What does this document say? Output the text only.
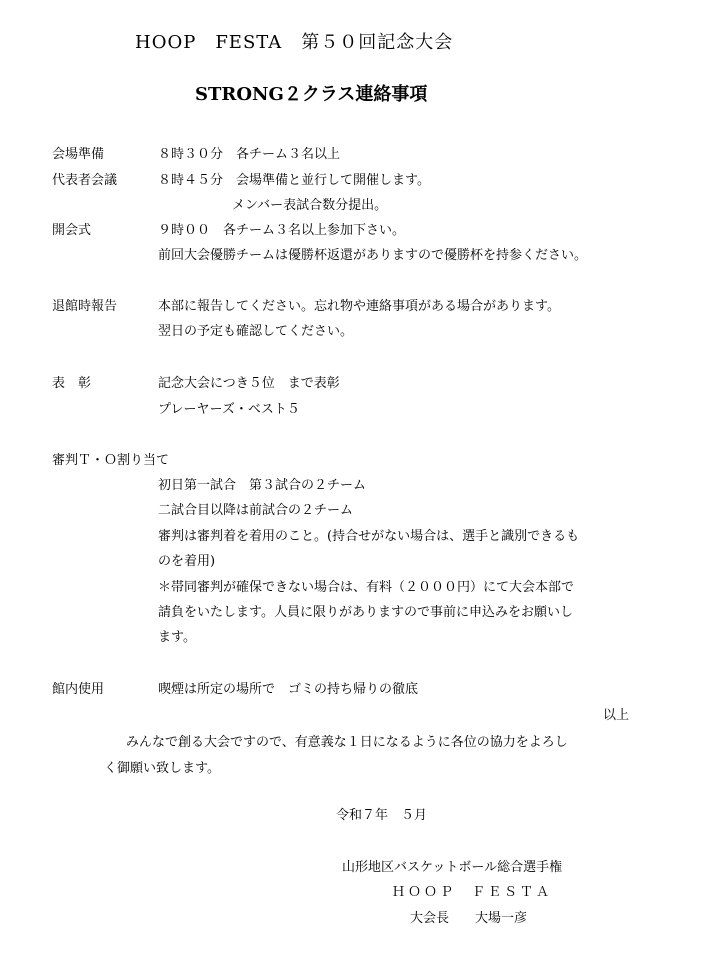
HOOP　FESTA　第５０回記念大会
STRONG２クラス連絡事項
会場準備	８時３０分　各チーム３名以上
代表者会議	８時４５分　会場準備と並行して開催します。
メンバー表試合数分提出。
開会式	９時００　各チーム３名以上参加下さい。
前回大会優勝チームは優勝杯返還がありますので優勝杯を持参ください。
退館時報告	本部に報告してください。忘れ物や連絡事項がある場合があります。
翌日の予定も確認してください。
表　彰	記念大会につき５位　まで表彰
プレーヤーズ・ベスト５
審判Ｔ・Ｏ割り当て
初日第一試合　第３試合の２チーム
二試合目以降は前試合の２チーム
審判は審判着を着用のこと。(持合せがない場合は、選手と識別できるも
のを着用)
＊帯同審判が確保できない場合は、有料（２０００円）にて大会本部で
請負をいたします。人員に限りがありますので事前に申込みをお願いし
ます。
館内使用	喫煙は所定の場所で　ゴミの持ち帰りの徹底
以上
みんなで創る大会ですので、有意義な１日になるように各位の協力をよろし
く御願い致します。
令和７年　５月
山形地区バスケットボール総合選手権
ＨＯＯＰ　ＦＥＳＴＡ
大会長　　大場一彦
